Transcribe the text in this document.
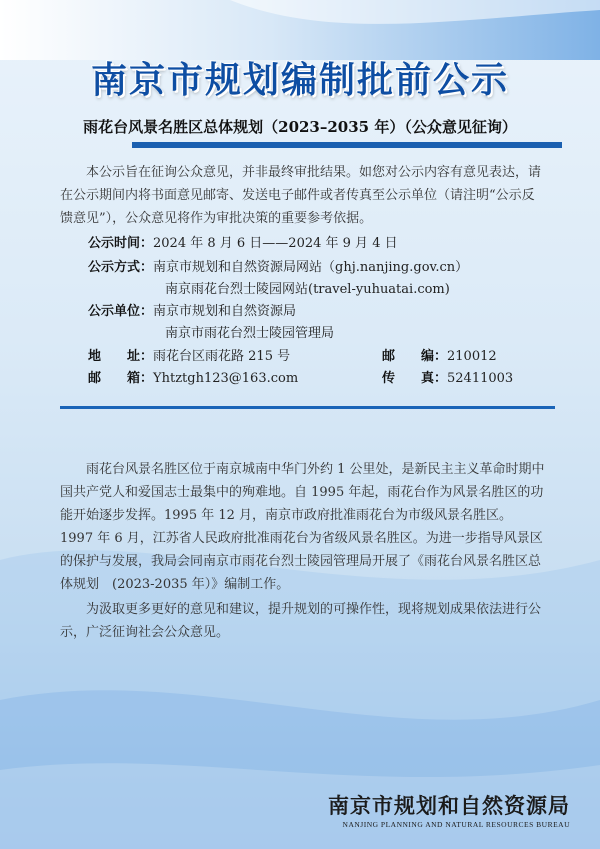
南京市规划编制批前公示
雨花台风景名胜区总体规划（2023–2035 年）（公众意见征询）

本公示旨在征询公众意见，并非最终审批结果。如您对公示内容有意见表达，请在公示期间内将书面意见邮寄、发送电子邮件或者传真至公示单位（请注明“公示反馈意见”），公众意见将作为审批决策的重要参考依据。

公示时间：2024 年 8 月 6 日——2024 年 9 月 4 日
公示方式：南京市规划和自然资源局网站（ghj.nanjing.gov.cn）
南京雨花台烈士陵园网站(travel-yuhuatai.com)
公示单位：南京市规划和自然资源局
南京市雨花台烈士陵园管理局
地　　址：雨花台区雨花路 215 号	邮　　编：210012
邮　　箱：Yhtztgh123@163.com	传　　真：52411003

雨花台风景名胜区位于南京城南中华门外约 1 公里处，是新民主主义革命时期中国共产党人和爱国志士最集中的殉难地。自 1995 年起，雨花台作为风景名胜区的功能开始逐步发挥。1995 年 12 月，南京市政府批准雨花台为市级风景名胜区。1997 年 6 月，江苏省人民政府批准雨花台为省级风景名胜区。为进一步指导风景区的保护与发展，我局会同南京市雨花台烈士陵园管理局开展了《雨花台风景名胜区总体规划　(2023-2035 年）》编制工作。

为汲取更多更好的意见和建议，提升规划的可操作性，现将规划成果依法进行公示，广泛征询社会公众意见。

南京市规划和自然资源局
NANJING PLANNING AND NATURAL RESOURCES BUREAU
